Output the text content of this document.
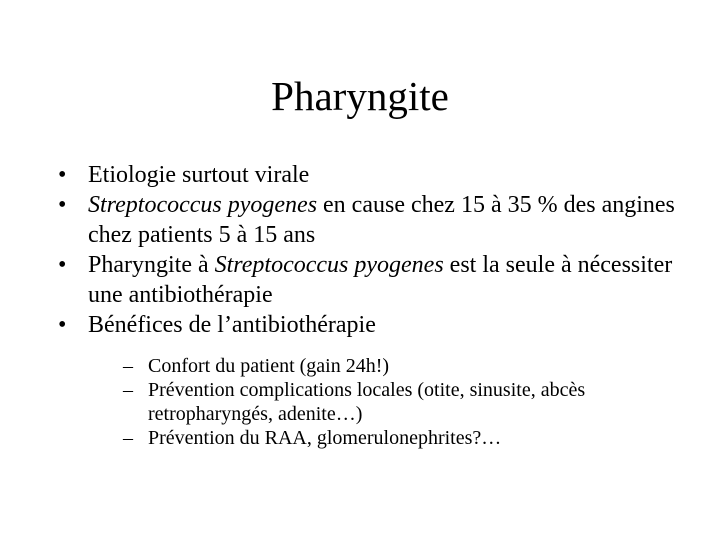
Pharyngite
• Etiologie surtout virale
• Streptococcus pyogenes en cause chez 15 à 35 % des angines chez patients 5 à 15 ans
• Pharyngite à Streptococcus pyogenes est la seule à nécessiter une antibiothérapie
• Bénéfices de l’antibiothérapie
– Confort du patient (gain 24h!)
– Prévention complications locales (otite, sinusite, abcès retropharyngés, adenite…)
– Prévention du RAA, glomerulonephrites?…
